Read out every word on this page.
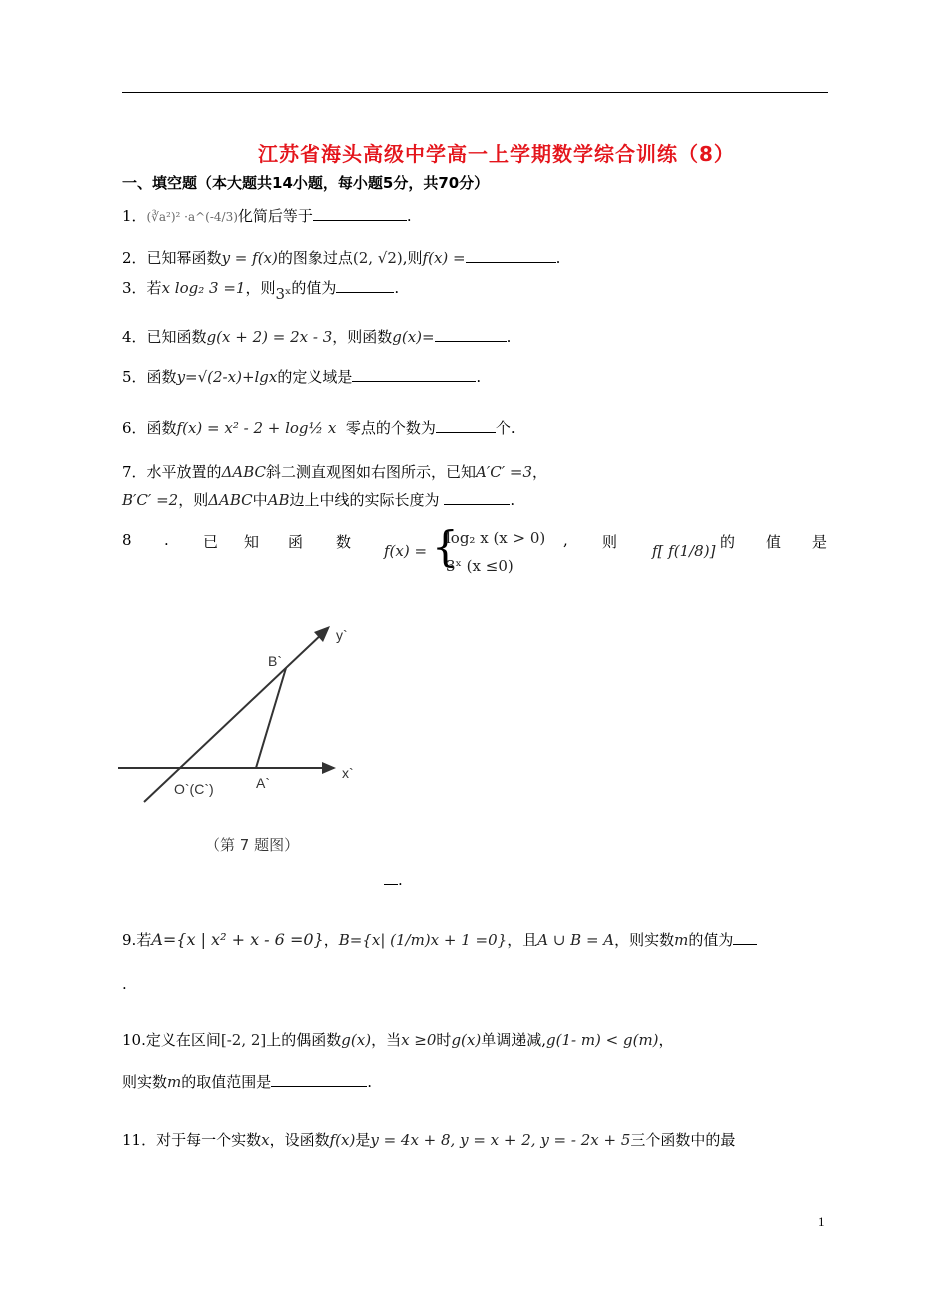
江苏省海头高级中学高一上学期数学综合训练（8）
一、填空题（本大题共14小题，每小题5分，共70分）
1．(∛a²)² ·a^(-4/3)化简后等于	.
2．已知幂函数y = f(x)的图象过点(2, √2),则f(x) =	.
3．若x log₂ 3 =1，则3ˣ的值为	.
4．已知函数g(x + 2) = 2x - 3，则函数g(x)=	.
5．函数y=√(2-x)+lgx的定义域是	.
6．函数f(x) = x² - 2 + log½ x 零点的个数为	个.
7．水平放置的ΔABC斜二测直观图如右图所示，已知A′C′ =3，
B′C′ =2，则ΔABC中AB边上中线的实际长度为	.
8 . 已 知 函 数 f(x) = {
log₂ x (x > 0)
3ˣ (x ≤0)
, 则 f[ f(1/8)] 的 值 是
y`
x`
B`
A`
O`(C`)
（第 7 题图）
.
9.若A={x | x² + x - 6 =0}，B={x| (1/m)x + 1 =0}，且A ∪ B = A，则实数m的值为
.
10.定义在区间[-2, 2]上的偶函数g(x)，当x ≥0时g(x)单调递减,g(1- m) < g(m)，
则实数m的取值范围是	.
11．对于每一个实数x，设函数f(x)是y = 4x + 8, y = x + 2, y = - 2x + 5三个函数中的最
1
